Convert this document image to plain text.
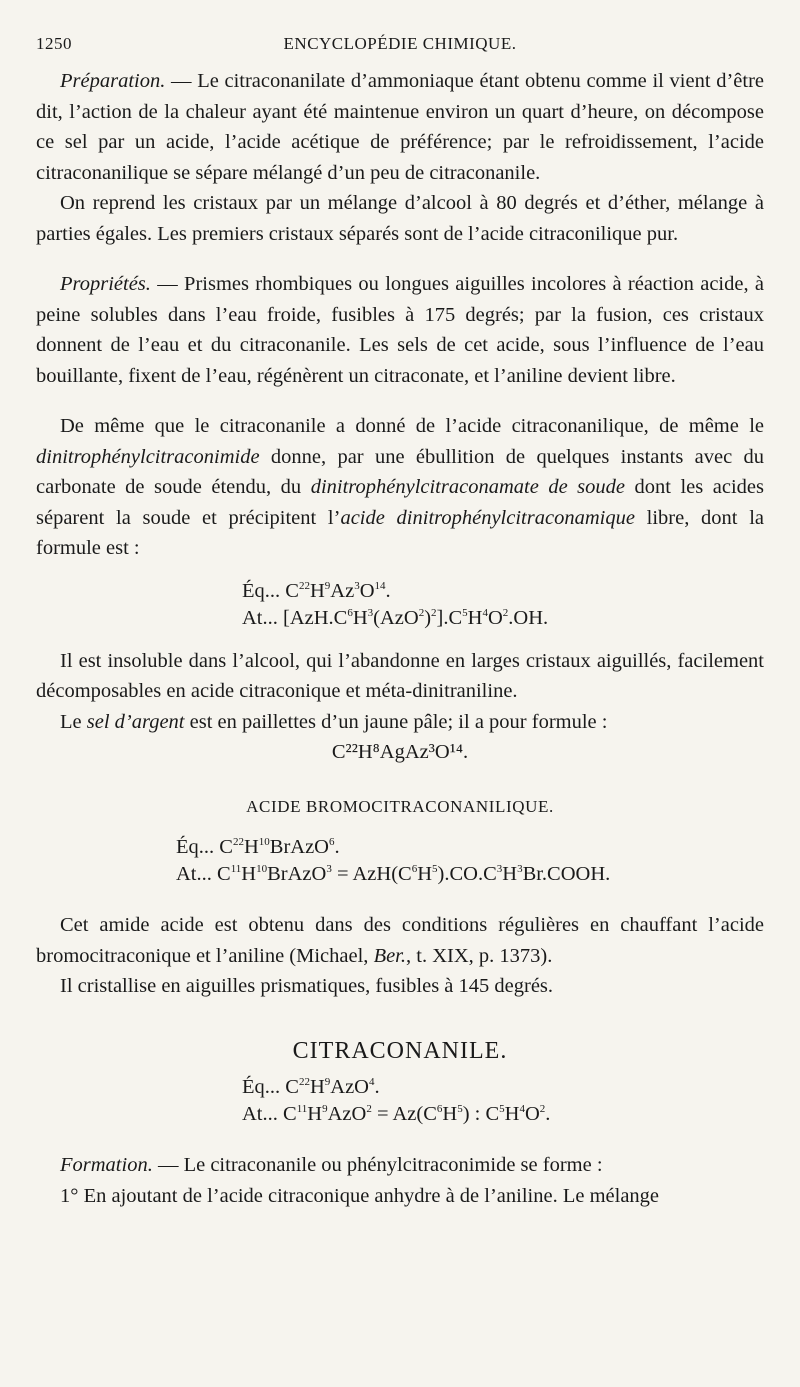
1250	ENCYCLOPÉDIE CHIMIQUE.

Préparation. — Le citraconanilate d’ammoniaque étant obtenu comme il vient d’être dit, l’action de la chaleur ayant été maintenue environ un quart d’heure, on décompose ce sel par un acide, l’acide acétique de préférence; par le refroidissement, l’acide citraconanilique se sépare mélangé d’un peu de citraconanile.

On reprend les cristaux par un mélange d’alcool à 80 degrés et d’éther, mélange à parties égales. Les premiers cristaux séparés sont de l’acide citraconilique pur.

Propriétés. — Prismes rhombiques ou longues aiguilles incolores à réaction acide, à peine solubles dans l’eau froide, fusibles à 175 degrés; par la fusion, ces cristaux donnent de l’eau et du citraconanile. Les sels de cet acide, sous l’influence de l’eau bouillante, fixent de l’eau, régénèrent un citraconate, et l’aniline devient libre.

De même que le citraconanile a donné de l’acide citraconanilique, de même le dinitrophénylcitraconimide donne, par une ébullition de quelques instants avec du carbonate de soude étendu, du dinitrophénylcitraconamate de soude dont les acides séparent la soude et précipitent l’acide dinitrophénylcitraconamique libre, dont la formule est :

Éq... $C^{22}H^9Az^3O^{14}$.
At... $[AzH.C^6H^3(AzO^2)^2].C^5H^4O^2.OH$.

Il est insoluble dans l’alcool, qui l’abandonne en larges cristaux aiguillés, facilement décomposables en acide citraconique et méta-dinitraniline.

Le sel d’argent est en paillettes d’un jaune pâle; il a pour formule :

C²²H⁸AgAz³O¹⁴.
ACIDE BROMOCITRACONANILIQUE.
Éq... $C^{22}H^{10}BrAzO^6$.
At... $C^{11}H^{10}BrAzO^3$ = $AzH(C^6H^5).CO.C^3H^3Br.COOH$.

Cet amide acide est obtenu dans des conditions régulières en chauffant l’acide bromocitraconique et l’aniline (Michael, Ber., t. XIX, p. 1373).

Il cristallise en aiguilles prismatiques, fusibles à 145 degrés.

CITRACONANILE.
Éq... $C^{22}H^9AzO^4$.
At... $C^{11}H^9AzO^2 = Az(C^6H^5)$ : $C^5H^4O^2$.

Formation. — Le citraconanile ou phénylcitraconimide se forme :

1° En ajoutant de l’acide citraconique anhydre à de l’aniline. Le mélange
